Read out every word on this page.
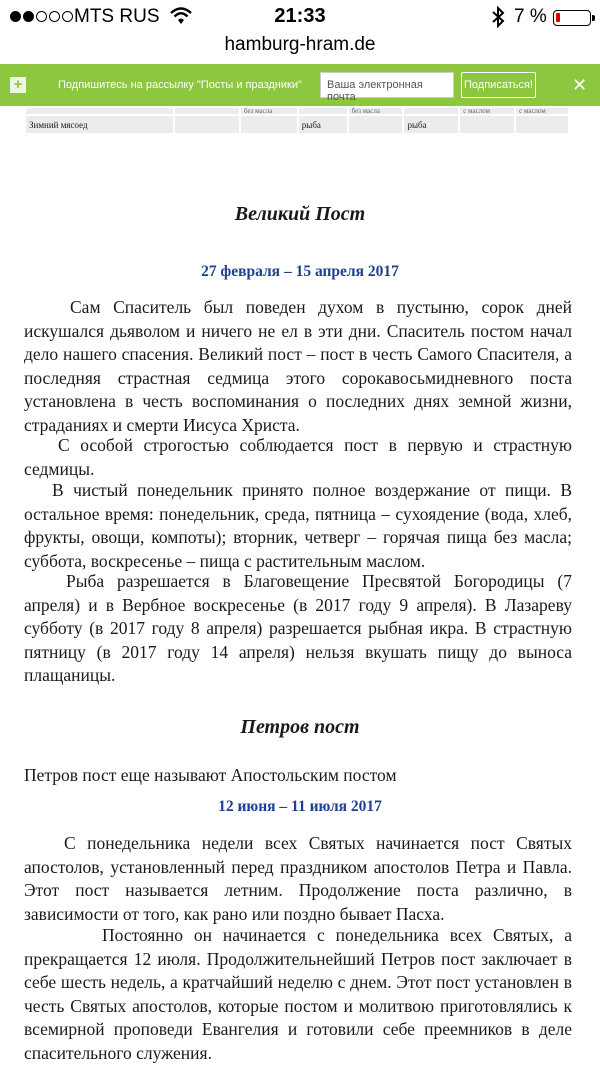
MTS RUS	21:33	7 %
hamburg-hram.de
+	Подпишитесь на рассылку "Посты и праздники"	Ваша электронная почта
Подписаться! ✕
		без масла		без масла		с маслом	с маслом
Зимний мясоед			рыба		рыба		
Великий Пост
27 февраля – 15 апреля 2017

Сам Спаситель был поведен духом в пустыню, сорок дней искушался дьяволом и ничего не ел в эти дни. Спаситель постом начал дело нашего спасения. Великий пост – пост в честь Самого Спасителя, а последняя страстная седмица этого сорокавосьмидневного поста установлена в честь воспоминания о последних днях земной жизни, страданиях и смерти Иисуса Христа.

С особой строгостью соблюдается пост в первую и страстную седмицы.

В чистый понедельник принято полное воздержание от пищи. В остальное время: понедельник, среда, пятница – сухоядение (вода, хлеб, фрукты, овощи, компоты); вторник, четверг – горячая пища без масла; суббота, воскресенье – пища с растительным маслом.

Рыба разрешается в Благовещение Пресвятой Богородицы (7 апреля) и в Вербное воскресенье (в 2017 году 9 апреля). В Лазареву субботу (в 2017 году 8 апреля) разрешается рыбная икра. В страстную пятницу (в 2017 году 14 апреля) нельзя вкушать пищу до выноса плащаницы.

Петров пост
Петров пост еще называют Апостольским постом
12 июня – 11 июля 2017

С понедельника недели всех Святых начинается пост Святых апостолов, установленный перед праздником апостолов Петра и Павла. Этот пост называется летним. Продолжение поста различно, в зависимости от того, как рано или поздно бывает Пасха.

Постоянно он начинается с понедельника всех Святых, а прекращается 12 июля. Продолжительнейший Петров пост заключает в себе шесть недель, а кратчайший неделю с днем. Этот пост установлен в честь Святых апостолов, которые постом и молитвою приготовлялись к всемирной проповеди Евангелия и готовили себе преемников в деле спасительного служения.
